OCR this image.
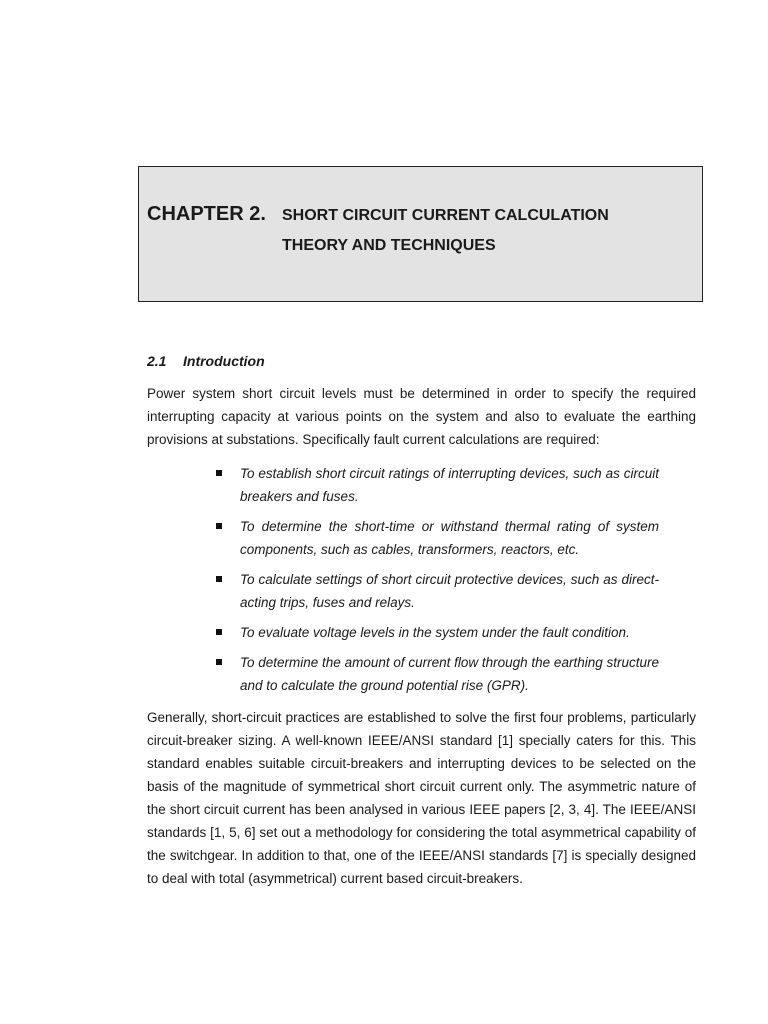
CHAPTER 2. SHORT CIRCUIT CURRENT CALCULATION
THEORY AND TECHNIQUES
2.1 Introduction

Power system short circuit levels must be determined in order to specify the required interrupting capacity at various points on the system and also to evaluate the earthing provisions at substations. Specifically fault current calculations are required:

To establish short circuit ratings of interrupting devices, such as circuit breakers and fuses.
To determine the short-time or withstand thermal rating of system components, such as cables, transformers, reactors, etc.
To calculate settings of short circuit protective devices, such as direct-acting trips, fuses and relays.
To evaluate voltage levels in the system under the fault condition.
To determine the amount of current flow through the earthing structure and to calculate the ground potential rise (GPR).

Generally, short-circuit practices are established to solve the first four problems, particularly circuit-breaker sizing. A well-known IEEE/ANSI standard [1] specially caters for this. This standard enables suitable circuit-breakers and interrupting devices to be selected on the basis of the magnitude of symmetrical short circuit current only. The asymmetric nature of the short circuit current has been analysed in various IEEE papers [2, 3, 4]. The IEEE/ANSI standards [1, 5, 6] set out a methodology for considering the total asymmetrical capability of the switchgear. In addition to that, one of the IEEE/ANSI standards [7] is specially designed to deal with total (asymmetrical) current based circuit-breakers.
